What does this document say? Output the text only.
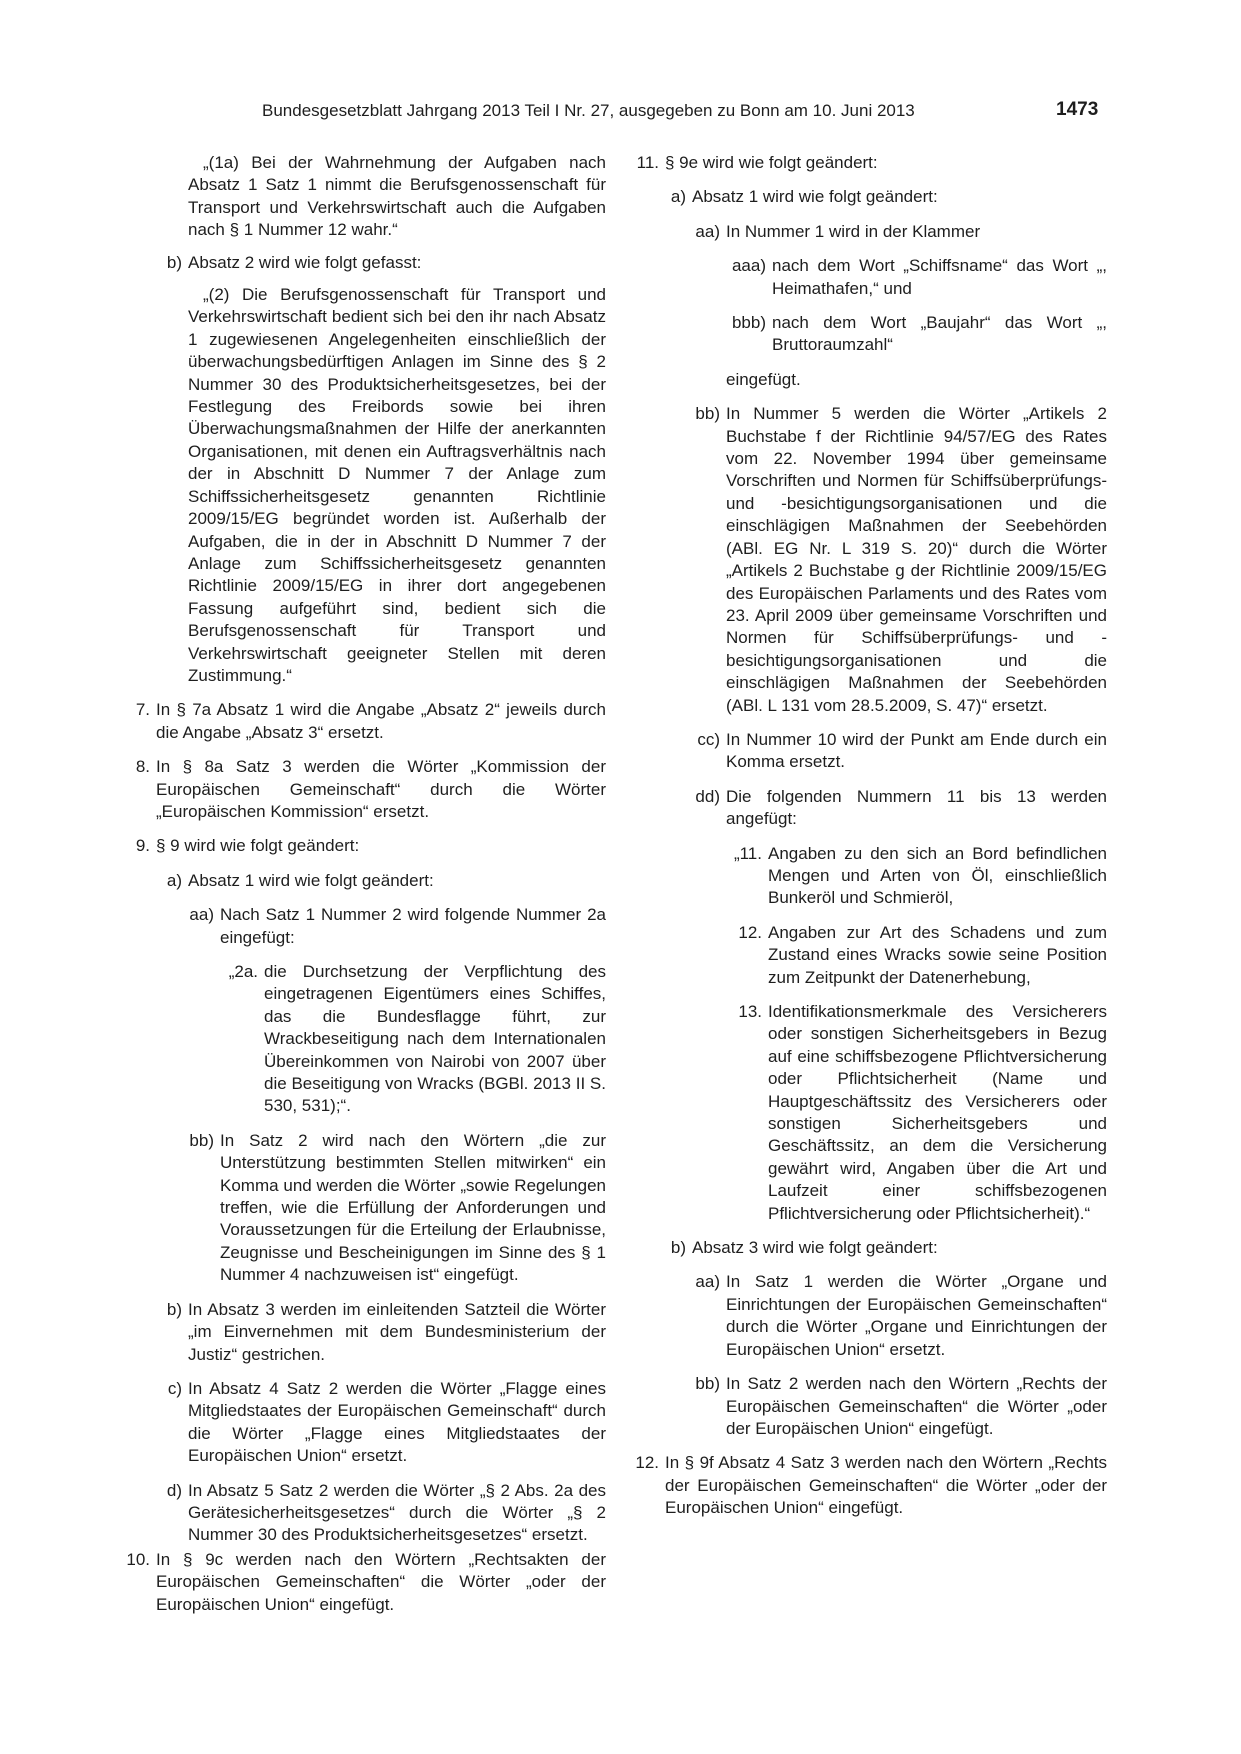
Bundesgesetzblatt Jahrgang 2013 Teil I Nr. 27, ausgegeben zu Bonn am 10. Juni 2013	1473
„(1a) Bei der Wahrnehmung der Aufgaben nach Absatz 1 Satz 1 nimmt die Berufsgenossenschaft für Transport und Verkehrswirtschaft auch die Aufgaben nach § 1 Nummer 12 wahr.“
b) Absatz 2 wird wie folgt gefasst:
„(2) Die Berufsgenossenschaft für Transport und Verkehrswirtschaft bedient sich bei den ihr nach Absatz 1 zugewiesenen Angelegenheiten einschließlich der überwachungsbedürftigen Anlagen im Sinne des § 2 Nummer 30 des Produktsicherheitsgesetzes, bei der Festlegung des Freibords sowie bei ihren Überwachungsmaßnahmen der Hilfe der anerkannten Organisationen, mit denen ein Auftragsverhältnis nach der in Abschnitt D Nummer 7 der Anlage zum Schiffssicherheitsgesetz genannten Richtlinie 2009/15/EG begründet worden ist. Außerhalb der Aufgaben, die in der in Abschnitt D Nummer 7 der Anlage zum Schiffssicherheitsgesetz genannten Richtlinie 2009/15/EG in ihrer dort angegebenen Fassung aufgeführt sind, bedient sich die Berufsgenossenschaft für Transport und Verkehrswirtschaft geeigneter Stellen mit deren Zustimmung.“
7. In § 7a Absatz 1 wird die Angabe „Absatz 2“ jeweils durch die Angabe „Absatz 3“ ersetzt.
8. In § 8a Satz 3 werden die Wörter „Kommission der Europäischen Gemeinschaft“ durch die Wörter „Europäischen Kommission“ ersetzt.
9. § 9 wird wie folgt geändert:
a) Absatz 1 wird wie folgt geändert:
aa) Nach Satz 1 Nummer 2 wird folgende Nummer 2a eingefügt:
„2a. die Durchsetzung der Verpflichtung des eingetragenen Eigentümers eines Schiffes, das die Bundesflagge führt, zur Wrackbeseitigung nach dem Internationalen Übereinkommen von Nairobi von 2007 über die Beseitigung von Wracks (BGBl. 2013 II S. 530, 531);“.
bb) In Satz 2 wird nach den Wörtern „die zur Unterstützung bestimmten Stellen mitwirken“ ein Komma und werden die Wörter „sowie Regelungen treffen, wie die Erfüllung der Anforderungen und Voraussetzungen für die Erteilung der Erlaubnisse, Zeugnisse und Bescheinigungen im Sinne des § 1 Nummer 4 nachzuweisen ist“ eingefügt.
b) In Absatz 3 werden im einleitenden Satzteil die Wörter „im Einvernehmen mit dem Bundesministerium der Justiz“ gestrichen.
c) In Absatz 4 Satz 2 werden die Wörter „Flagge eines Mitgliedstaates der Europäischen Gemeinschaft“ durch die Wörter „Flagge eines Mitgliedstaates der Europäischen Union“ ersetzt.
d) In Absatz 5 Satz 2 werden die Wörter „§ 2 Abs. 2a des Gerätesicherheitsgesetzes“ durch die Wörter „§ 2 Nummer 30 des Produktsicherheitsgesetzes“ ersetzt.
10. In § 9c werden nach den Wörtern „Rechtsakten der Europäischen Gemeinschaften“ die Wörter „oder der Europäischen Union“ eingefügt.
11. § 9e wird wie folgt geändert:
a) Absatz 1 wird wie folgt geändert:
aa) In Nummer 1 wird in der Klammer
aaa) nach dem Wort „Schiffsname“ das Wort „, Heimathafen,“ und
bbb) nach dem Wort „Baujahr“ das Wort „, Bruttoraumzahl“
eingefügt.
bb) In Nummer 5 werden die Wörter „Artikels 2 Buchstabe f der Richtlinie 94/57/EG des Rates vom 22. November 1994 über gemeinsame Vorschriften und Normen für Schiffsüberprüfungs- und -besichtigungsorganisationen und die einschlägigen Maßnahmen der Seebehörden (ABl. EG Nr. L 319 S. 20)“ durch die Wörter „Artikels 2 Buchstabe g der Richtlinie 2009/15/EG des Europäischen Parlaments und des Rates vom 23. April 2009 über gemeinsame Vorschriften und Normen für Schiffsüberprüfungs- und -besichtigungsorganisationen und die einschlägigen Maßnahmen der Seebehörden (ABl. L 131 vom 28.5.2009, S. 47)“ ersetzt.
cc) In Nummer 10 wird der Punkt am Ende durch ein Komma ersetzt.
dd) Die folgenden Nummern 11 bis 13 werden angefügt:
„11. Angaben zu den sich an Bord befindlichen Mengen und Arten von Öl, einschließlich Bunkeröl und Schmieröl,
12. Angaben zur Art des Schadens und zum Zustand eines Wracks sowie seine Position zum Zeitpunkt der Datenerhebung,
13. Identifikationsmerkmale des Versicherers oder sonstigen Sicherheitsgebers in Bezug auf eine schiffsbezogene Pflichtversicherung oder Pflichtsicherheit (Name und Hauptgeschäftssitz des Versicherers oder sonstigen Sicherheitsgebers und Geschäftssitz, an dem die Versicherung gewährt wird, Angaben über die Art und Laufzeit einer schiffsbezogenen Pflichtversicherung oder Pflichtsicherheit).“
b) Absatz 3 wird wie folgt geändert:
aa) In Satz 1 werden die Wörter „Organe und Einrichtungen der Europäischen Gemeinschaften“ durch die Wörter „Organe und Einrichtungen der Europäischen Union“ ersetzt.
bb) In Satz 2 werden nach den Wörtern „Rechts der Europäischen Gemeinschaften“ die Wörter „oder der Europäischen Union“ eingefügt.
12. In § 9f Absatz 4 Satz 3 werden nach den Wörtern „Rechts der Europäischen Gemeinschaften“ die Wörter „oder der Europäischen Union“ eingefügt.
